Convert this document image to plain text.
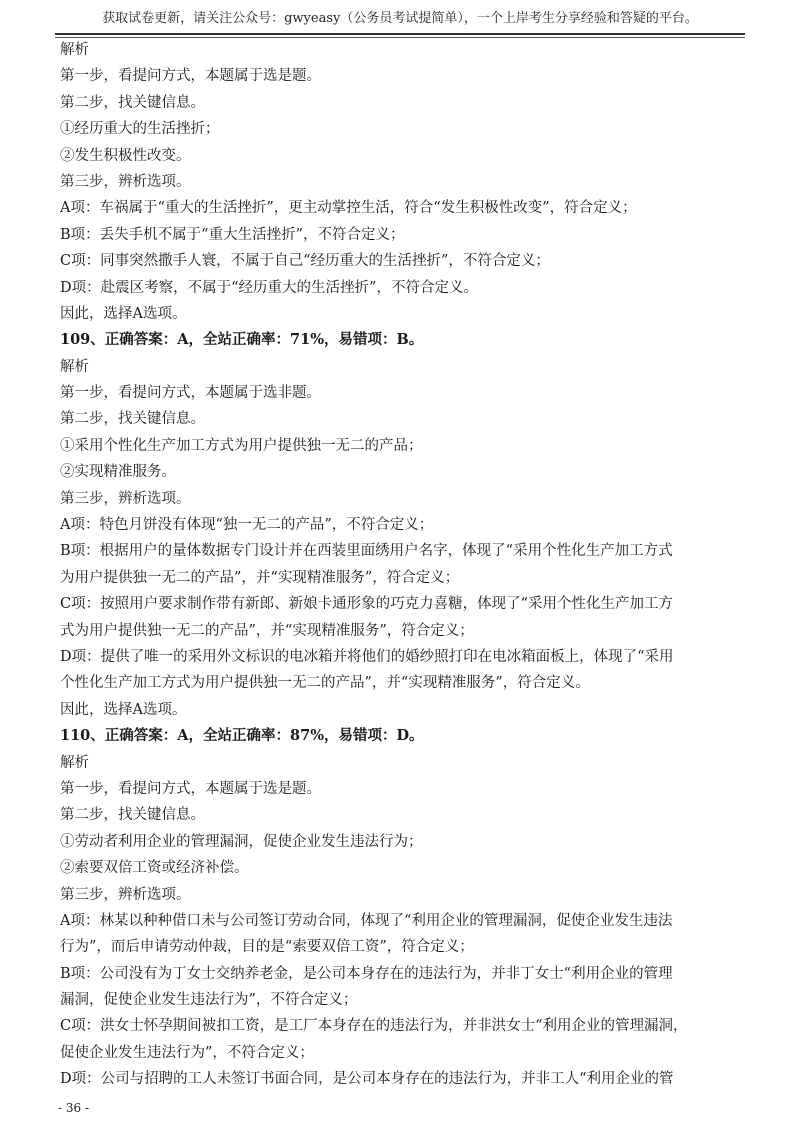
获取试卷更新，请关注公众号：gwyeasy（公务员考试提简单），一个上岸考生分享经验和答疑的平台。
解析
第一步，看提问方式，本题属于选是题。
第二步，找关键信息。
①经历重大的生活挫折；
②发生积极性改变。
第三步，辨析选项。
A项：车祸属于“重大的生活挫折”，更主动掌控生活，符合“发生积极性改变”，符合定义；
B项：丢失手机不属于“重大生活挫折”，不符合定义；
C项：同事突然撒手人寰，不属于自己“经历重大的生活挫折”，不符合定义；
D项：赴震区考察，不属于“经历重大的生活挫折”，不符合定义。
因此，选择A选项。
109、正确答案：A，全站正确率：71%，易错项：B。
解析
第一步，看提问方式，本题属于选非题。
第二步，找关键信息。
①采用个性化生产加工方式为用户提供独一无二的产品；
②实现精准服务。
第三步，辨析选项。
A项：特色月饼没有体现“独一无二的产品”，不符合定义；
B项：根据用户的量体数据专门设计并在西装里面绣用户名字，体现了“采用个性化生产加工方式
为用户提供独一无二的产品”，并“实现精准服务”，符合定义；
C项：按照用户要求制作带有新郎、新娘卡通形象的巧克力喜糖，体现了“采用个性化生产加工方
式为用户提供独一无二的产品”，并“实现精准服务”，符合定义；
D项：提供了唯一的采用外文标识的电冰箱并将他们的婚纱照打印在电冰箱面板上，体现了“采用
个性化生产加工方式为用户提供独一无二的产品”，并“实现精准服务”，符合定义。
因此，选择A选项。
110、正确答案：A，全站正确率：87%，易错项：D。
解析
第一步，看提问方式，本题属于选是题。
第二步，找关键信息。
①劳动者利用企业的管理漏洞，促使企业发生违法行为；
②索要双倍工资或经济补偿。
第三步，辨析选项。
A项：林某以种种借口未与公司签订劳动合同，体现了“利用企业的管理漏洞，促使企业发生违法
行为”，而后申请劳动仲裁，目的是“索要双倍工资”，符合定义；
B项：公司没有为丁女士交纳养老金，是公司本身存在的违法行为，并非丁女士“利用企业的管理
漏洞，促使企业发生违法行为”，不符合定义；
C项：洪女士怀孕期间被扣工资，是工厂本身存在的违法行为，并非洪女士“利用企业的管理漏洞，
促使企业发生违法行为”，不符合定义；
D项：公司与招聘的工人未签订书面合同，是公司本身存在的违法行为，并非工人“利用企业的管
- 36 -
